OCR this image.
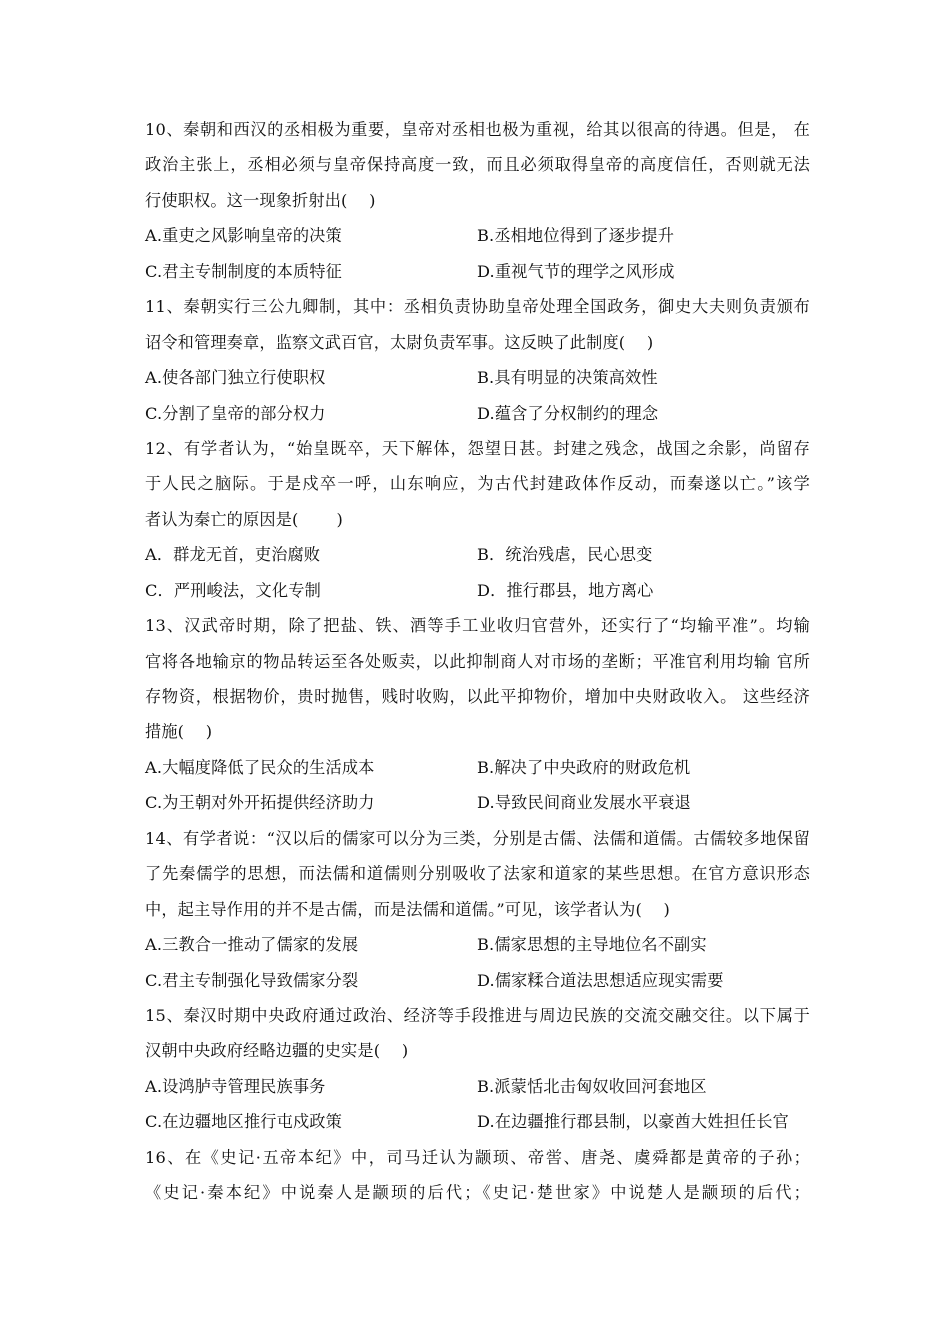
10、秦朝和西汉的丞相极为重要，皇帝对丞相也极为重视，给其以很高的待遇。但是， 在
政治主张上，丞相必须与皇帝保持高度一致，而且必须取得皇帝的高度信任，否则就无法
行使职权。这一现象折射出(　 )
A.重吏之风影响皇帝的决策	B.丞相地位得到了逐步提升
C.君主专制制度的本质特征	D.重视气节的理学之风形成
11、秦朝实行三公九卿制，其中：丞相负责协助皇帝处理全国政务，御史大夫则负责颁布
诏令和管理奏章，监察文武百官，太尉负责军事。这反映了此制度(　 )
A.使各部门独立行使职权	B.具有明显的决策高效性
C.分割了皇帝的部分权力	D.蕴含了分权制约的理念
12、有学者认为，“始皇既卒，天下解体，怨望日甚。封建之残念，战国之余影，尚留存
于人民之脑际。于是戍卒一呼，山东响应，为古代封建政体作反动，而秦遂以亡。”该学
者认为秦亡的原因是(　　 )
A．群龙无首，吏治腐败	B．统治残虐，民心思变
C．严刑峻法，文化专制	D．推行郡县，地方离心
13、汉武帝时期，除了把盐、铁、酒等手工业收归官营外，还实行了“均输平准”。均输
官将各地输京的物品转运至各处贩卖，以此抑制商人对市场的垄断；平准官利用均输 官所
存物资，根据物价，贵时抛售，贱时收购，以此平抑物价，增加中央财政收入。 这些经济
措施(　 )
A.大幅度降低了民众的生活成本	B.解决了中央政府的财政危机
C.为王朝对外开拓提供经济助力	D.导致民间商业发展水平衰退
14、有学者说：“汉以后的儒家可以分为三类，分别是古儒、法儒和道儒。古儒较多地保留
了先秦儒学的思想，而法儒和道儒则分别吸收了法家和道家的某些思想。在官方意识形态
中，起主导作用的并不是古儒，而是法儒和道儒。”可见，该学者认为(　 )
A.三教合一推动了儒家的发展	B.儒家思想的主导地位名不副实
C.君主专制强化导致儒家分裂	D.儒家糅合道法思想适应现实需要
15、秦汉时期中央政府通过政治、经济等手段推进与周边民族的交流交融交往。以下属于
汉朝中央政府经略边疆的史实是(　 )
A.设鸿胪寺管理民族事务	B.派蒙恬北击匈奴收回河套地区
C.在边疆地区推行屯戍政策	D.在边疆推行郡县制，以豪酋大姓担任长官
16、在《史记·五帝本纪》中，司马迁认为颛顼、帝喾、唐尧、虞舜都是黄帝的子孙；
《史记·秦本纪》中说秦人是颛顼的后代；《史记·楚世家》中说楚人是颛顼的后代；
